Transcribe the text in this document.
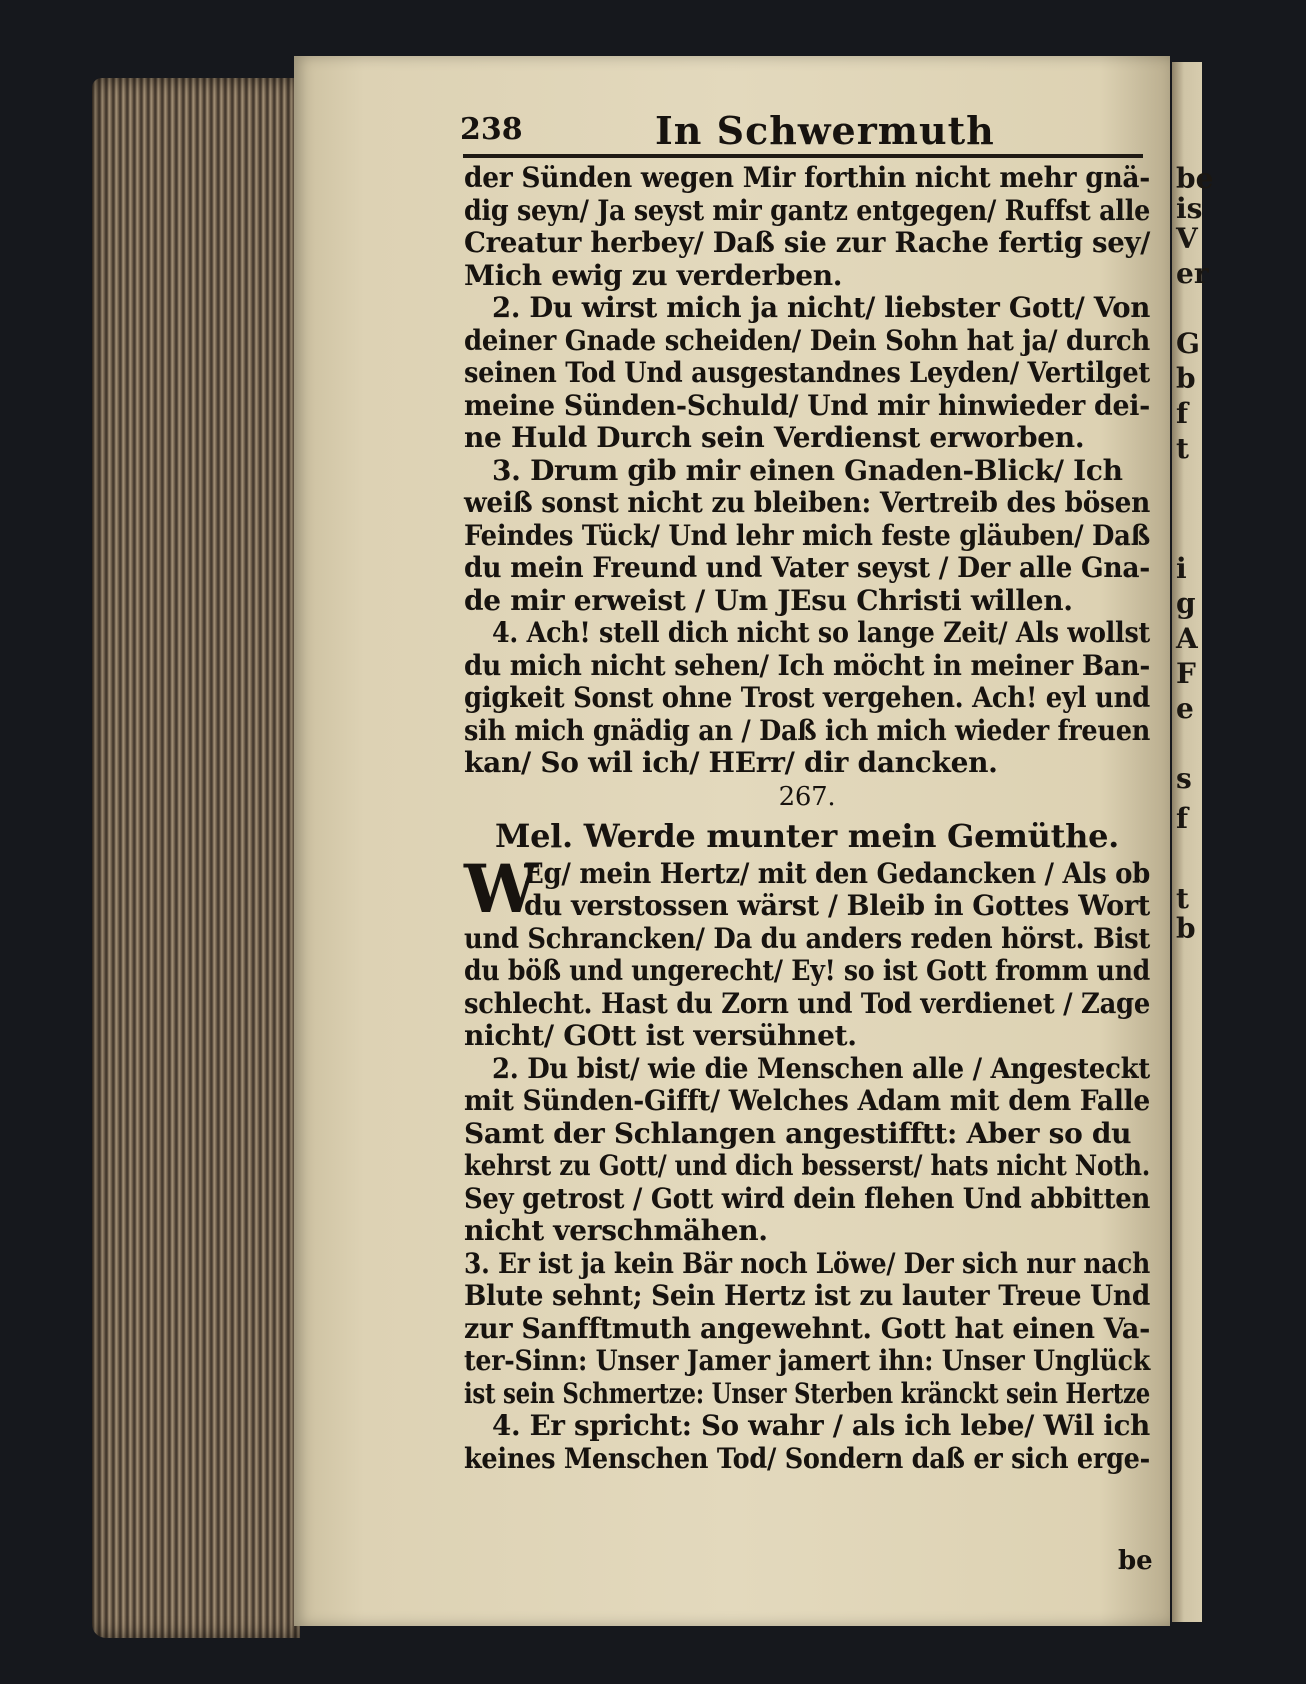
be
is
V
er
G
b
f
t
i
g
A
F
e
s
f
t
b
238	In Schwermuth
der Sünden wegen Mir forthin nicht mehr gnä-
dig seyn/ Ja seyst mir gantz entgegen/ Ruffst alle
Creatur herbey/ Daß sie zur Rache fertig sey/
Mich ewig zu verderben.
2. Du wirst mich ja nicht/ liebster Gott/ Von
deiner Gnade scheiden/ Dein Sohn hat ja/ durch
seinen Tod Und ausgestandnes Leyden/ Vertilget
meine Sünden-Schuld/ Und mir hinwieder dei-
ne Huld Durch sein Verdienst erworben.
3. Drum gib mir einen Gnaden-Blick/ Ich
weiß sonst nicht zu bleiben: Vertreib des bösen
Feindes Tück/ Und lehr mich feste gläuben/ Daß
du mein Freund und Vater seyst / Der alle Gna-
de mir erweist / Um JEsu Christi willen.
4. Ach! stell dich nicht so lange Zeit/ Als wollst
du mich nicht sehen/ Ich möcht in meiner Ban-
gigkeit Sonst ohne Trost vergehen. Ach! eyl und
sih mich gnädig an / Daß ich mich wieder freuen
kan/ So wil ich/ HErr/ dir dancken.
267.
Mel. Werde munter mein Gemüthe.
W
Eg/ mein Hertz/ mit den Gedancken / Als ob
du verstossen wärst / Bleib in Gottes Wort
und Schrancken/ Da du anders reden hörst. Bist
du böß und ungerecht/ Ey! so ist Gott fromm und
schlecht. Hast du Zorn und Tod verdienet / Zage
nicht/ GOtt ist versühnet.
2. Du bist/ wie die Menschen alle / Angesteckt
mit Sünden-Gifft/ Welches Adam mit dem Falle
Samt der Schlangen angestifftt: Aber so du
kehrst zu Gott/ und dich besserst/ hats nicht Noth.
Sey getrost / Gott wird dein flehen Und abbitten
nicht verschmähen.
3. Er ist ja kein Bär noch Löwe/ Der sich nur nach
Blute sehnt; Sein Hertz ist zu lauter Treue Und
zur Sanfftmuth angewehnt. Gott hat einen Va-
ter-Sinn: Unser Jamer jamert ihn: Unser Unglück
ist sein Schmertze: Unser Sterben kränckt sein Hertze
4. Er spricht: So wahr / als ich lebe/ Wil ich
keines Menschen Tod/ Sondern daß er sich erge-
be
